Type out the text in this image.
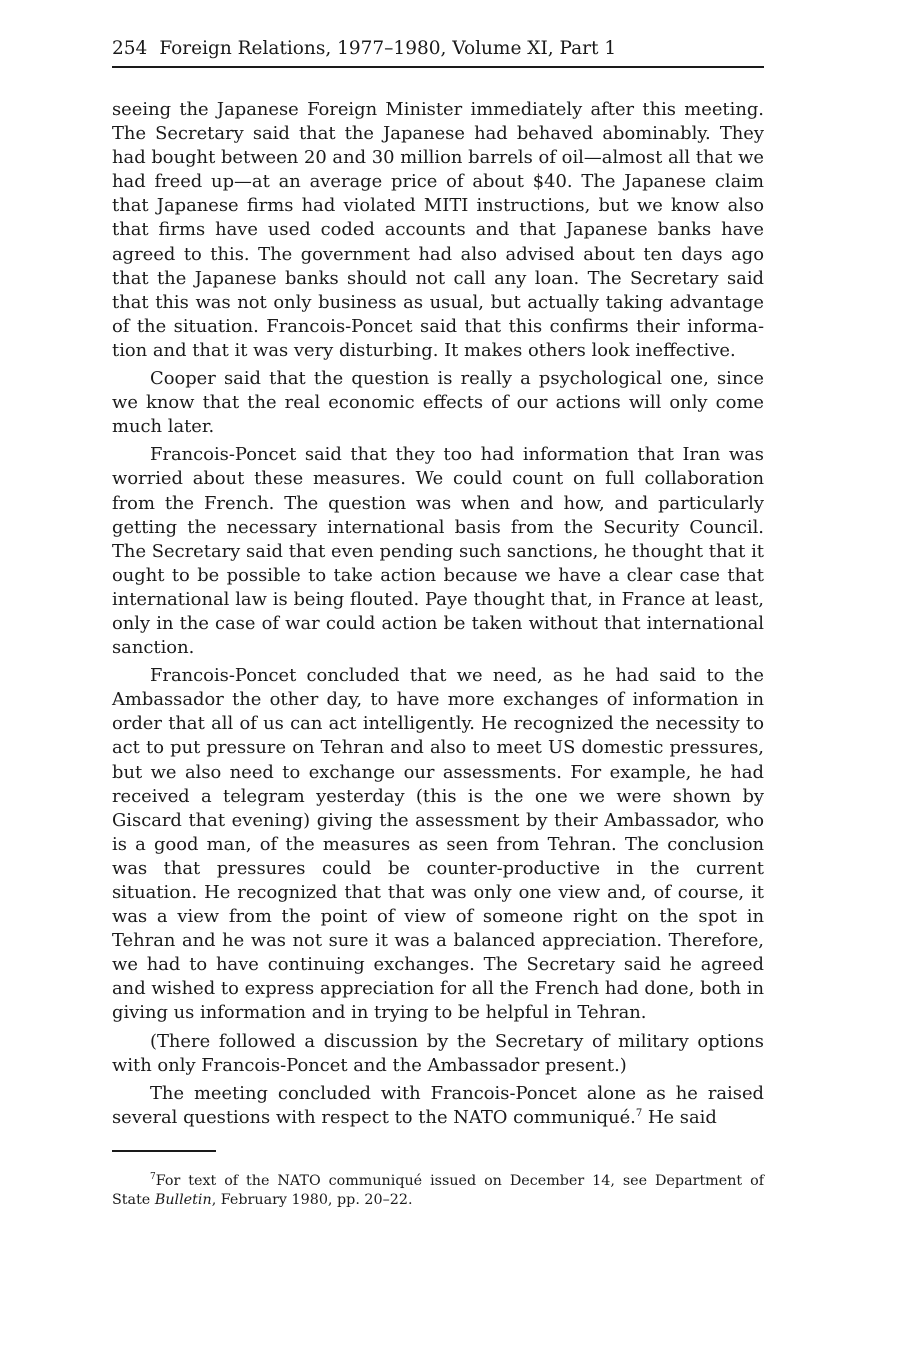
254 Foreign Relations, 1977–1980, Volume XI, Part 1

seeing the Japanese Foreign Minister immediately after this meeting. The Secretary said that the Japanese had behaved abominably. They had bought between 20 and 30 million barrels of oil—almost all that we had freed up—at an average price of about $40. The Japanese claim that Japanese firms had violated MITI instructions, but we know also that firms have used coded accounts and that Japanese banks have agreed to this. The government had also advised about ten days ago that the Japanese banks should not call any loan. The Secretary said that this was not only business as usual, but actually taking advantage of the situation. Francois-Poncet said that this confirms their information and that it was very disturbing. It makes others look ineffective.

Cooper said that the question is really a psychological one, since we know that the real economic effects of our actions will only come much later.

Francois-Poncet said that they too had information that Iran was worried about these measures. We could count on full collaboration from the French. The question was when and how, and particularly getting the necessary international basis from the Security Council. The Secretary said that even pending such sanctions, he thought that it ought to be possible to take action because we have a clear case that international law is being flouted. Paye thought that, in France at least, only in the case of war could action be taken without that international sanction.

Francois-Poncet concluded that we need, as he had said to the Ambassador the other day, to have more exchanges of information in order that all of us can act intelligently. He recognized the necessity to act to put pressure on Tehran and also to meet US domestic pressures, but we also need to exchange our assessments. For example, he had received a telegram yesterday (this is the one we were shown by Giscard that evening) giving the assessment by their Ambassador, who is a good man, of the measures as seen from Tehran. The conclusion was that pressures could be counter-productive in the current situation. He recognized that that was only one view and, of course, it was a view from the point of view of someone right on the spot in Tehran and he was not sure it was a balanced appreciation. Therefore, we had to have continuing exchanges. The Secretary said he agreed and wished to express appreciation for all the French had done, both in giving us information and in trying to be helpful in Tehran.

(There followed a discussion by the Secretary of military options with only Francois-Poncet and the Ambassador present.)

The meeting concluded with Francois-Poncet alone as he raised several questions with respect to the NATO communiqué.$^7$ He said

$^7$For text of the NATO communiqué issued on December 14, see Department of State Bulletin, February 1980, pp. 20–22.
